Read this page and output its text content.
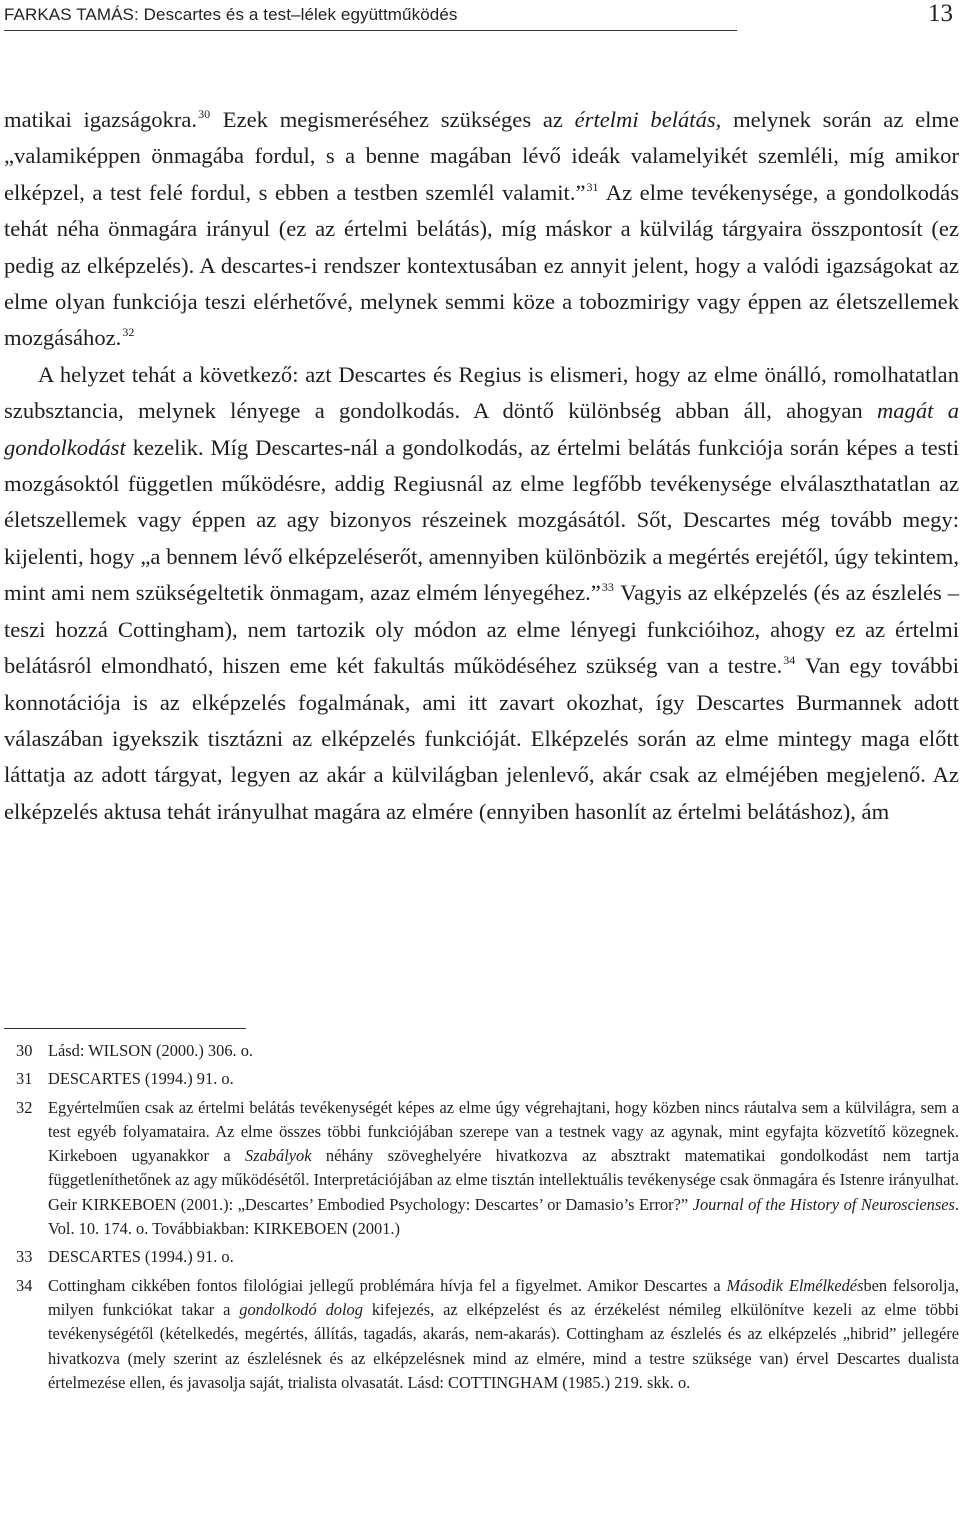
FARKAS TAMÁS: Descartes és a test–lélek együttműködés	13

matikai igazságokra.$^{30}$ Ezek megismeréséhez szükséges az értelmi belátás, melynek során az elme „valamiképpen önmagába fordul, s a benne magában lévő ideák valamelyikét szemléli, míg amikor elképzel, a test felé fordul, s ebben a testben szemlél valamit.”$^{31}$ Az elme tevékenysége, a gondolkodás tehát néha önmagára irányul (ez az értelmi belátás), míg máskor a külvilág tárgyaira összpontosít (ez pedig az elképzelés). A descartes-i rendszer kontextusában ez annyit jelent, hogy a valódi igazságokat az elme olyan funkciója teszi elérhetővé, melynek semmi köze a tobozmirigy vagy éppen az életszellemek mozgásához.$^{32}$

A helyzet tehát a következő: azt Descartes és Regius is elismeri, hogy az elme önálló, romolhatatlan szubsztancia, melynek lényege a gondolkodás. A döntő különbség abban áll, ahogyan magát a gondolkodást kezelik. Míg Descartes-nál a gondolkodás, az értelmi belátás funkciója során képes a testi mozgásoktól független működésre, addig Regiusnál az elme legfőbb tevékenysége elválaszthatatlan az életszellemek vagy éppen az agy bizonyos részeinek mozgásától. Sőt, Descartes még tovább megy: kijelenti, hogy „a bennem lévő elképzeléserőt, amennyiben különbözik a megértés erejétől, úgy tekintem, mint ami nem szükségeltetik önmagam, azaz elmém lényegéhez.”$^{33}$ Vagyis az elképzelés (és az észlelés – teszi hozzá Cottingham), nem tartozik oly módon az elme lényegi funkcióihoz, ahogy ez az értelmi belátásról elmondható, hiszen eme két fakultás működéséhez szükség van a testre.$^{34}$ Van egy további konnotációja is az elképzelés fogalmának, ami itt zavart okozhat, így Descartes Burmannek adott válaszában igyekszik tisztázni az elképzelés funkcióját. Elképzelés során az elme mintegy maga előtt láttatja az adott tárgyat, legyen az akár a külvilágban jelenlevő, akár csak az elméjében megjelenő. Az elképzelés aktusa tehát irányulhat magára az elmére (ennyiben hasonlít az értelmi belátáshoz), ám

30 Lásd: WILSON (2000.) 306. o.
31 DESCARTES (1994.) 91. o.
32 Egyértelműen csak az értelmi belátás tevékenységét képes az elme úgy végrehajtani, hogy közben nincs ráutalva sem a külvilágra, sem a test egyéb folyamataira. Az elme összes többi funkciójában szerepe van a testnek vagy az agynak, mint egyfajta közvetítő közegnek. Kirkeboen ugyanakkor a Szabályok néhány szöveghelyére hivatkozva az absztrakt matematikai gondolkodást nem tartja függetleníthetőnek az agy működésétől. Interpretációjában az elme tisztán intellektuális tevékenysége csak önmagára és Istenre irányulhat. Geir KIRKEBOEN (2001.): „Descartes’ Embodied Psychology: Descartes’ or Damasio’s Error?” Journal of the History of Neuroscienses. Vol. 10. 174. o. Továbbiakban: KIRKEBOEN (2001.)
33 DESCARTES (1994.) 91. o.
34 Cottingham cikkében fontos filológiai jellegű problémára hívja fel a figyelmet. Amikor Descartes a Második Elmélkedésben felsorolja, milyen funkciókat takar a gondolkodó dolog kifejezés, az elképzelést és az érzékelést némileg elkülönítve kezeli az elme többi tevékenységétől (kételkedés, megértés, állítás, tagadás, akarás, nem-akarás). Cottingham az észlelés és az elképzelés „hibrid” jellegére hivatkozva (mely szerint az észlelésnek és az elképzelésnek mind az elmére, mind a testre szüksége van) érvel Descartes dualista értelmezése ellen, és javasolja saját, trialista olvasatát. Lásd: COTTINGHAM (1985.) 219. skk. o.
